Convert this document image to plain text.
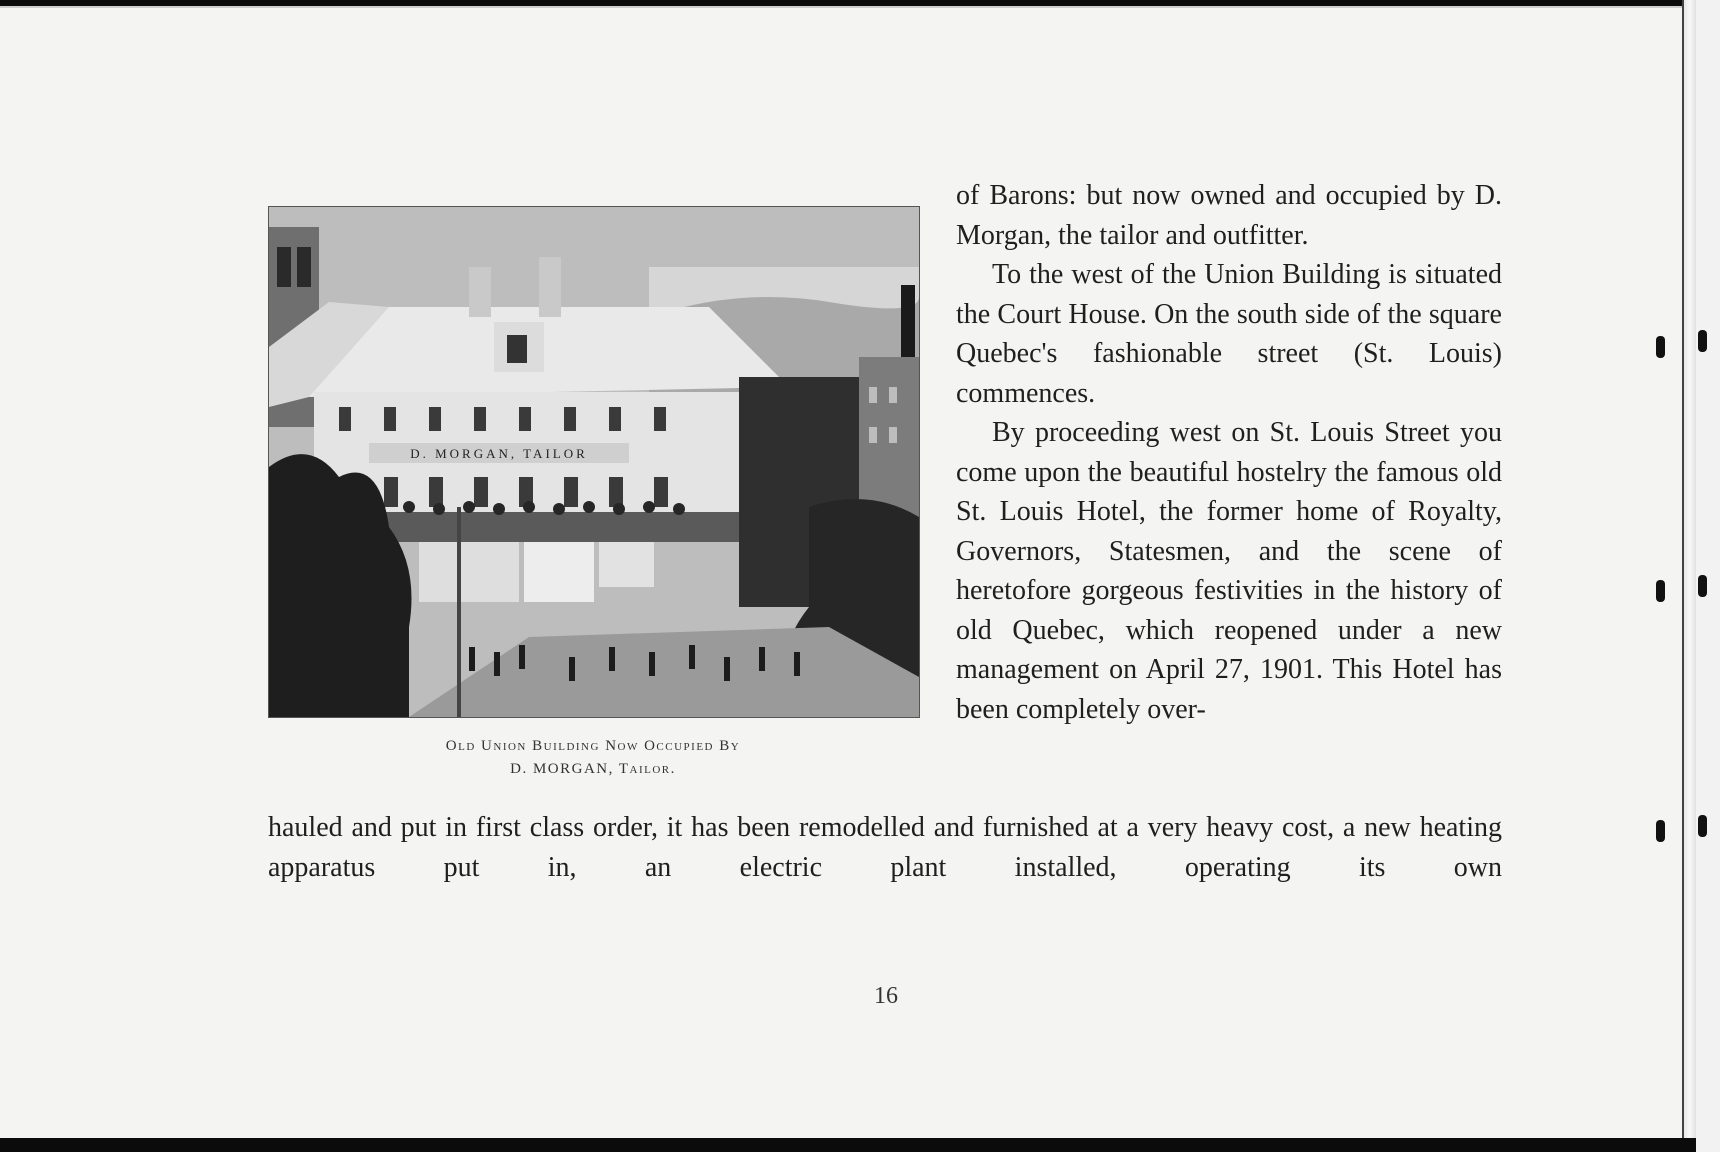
D. MORGAN, TAILOR
Old Union Building Now Occupied By
D. MORGAN, Tailor.

of Barons: but now owned and occupied by D. Morgan, the tailor and outfitter.

To the west of the Union Building is situated the Court House. On the south side of the square Quebec's fashionable street (St. Louis) commences.

By proceeding west on St. Louis Street you come upon the beautiful hostelry the famous old St. Louis Hotel, the former home of Royalty, Governors, Statesmen, and the scene of heretofore gorgeous festivities in the history of old Quebec, which reopened under a new management on April 27, 1901. This Hotel has been completely over-

hauled and put in first class order, it has been remodelled and furnished at a very heavy cost, a new heating apparatus put in, an electric plant installed, operating its own

16
